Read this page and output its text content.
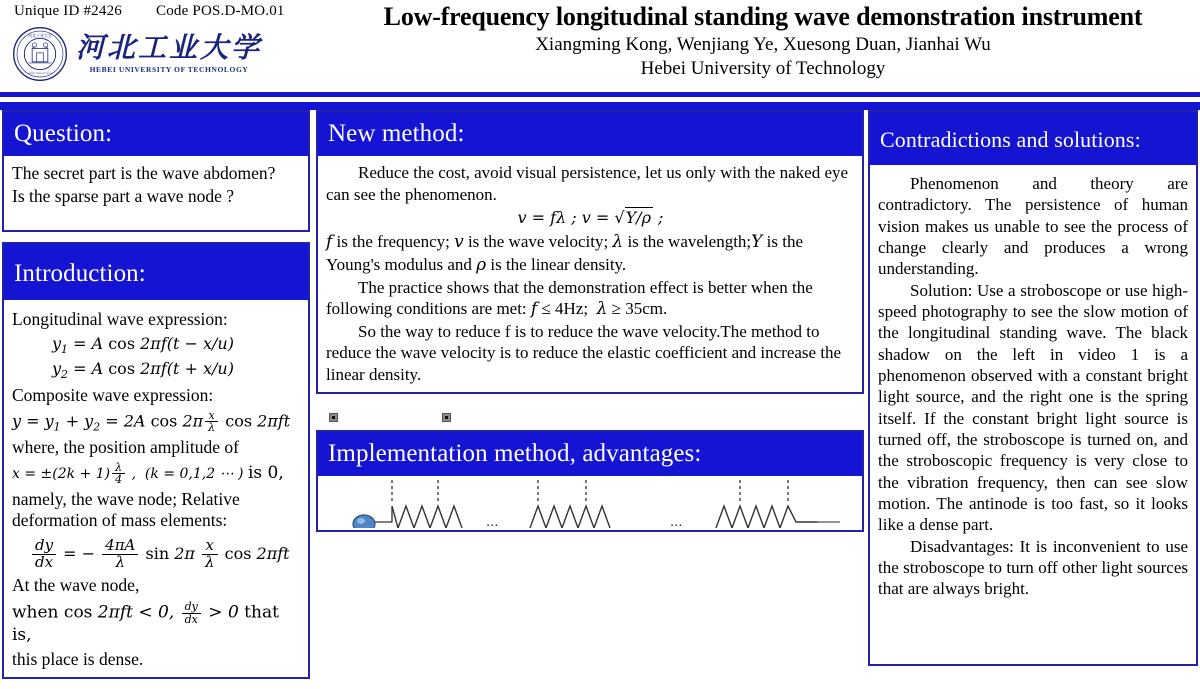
Unique ID #2426 Code POS.D-MO.01
河北工业大学
HEBEI UNIV OF TECH
河北工业大学
HEBEI UNIVERSITY OF TECHNOLOGY
Low-frequency longitudinal standing wave demonstration instrument
Xiangming Kong, Wenjiang Ye, Xuesong Duan, Jianhai Wu
Hebei University of Technology
Question:

The secret part is the wave abdomen?

Is the sparse part a wave node ?

Introduction:

Longitudinal wave expression:

$y_1 = A$ cos 2πf(t − x/u)
$y_2 = A$ cos 2πf(t + x/u)

Composite wave expression:

$y = y_1 + y_2 = 2A$ $\cos 2\pi \frac{x}{\lambda}$ cos 2πft

where, the position amplitude of

$x = \pm(2k + 1) \frac{\lambda}{4}$ ,  (k = 0,1,2 ⋯ ) is 0,

namely, the wave node; Relative deformation of mass elements:

$\frac{dy}{dx}$ = − $\frac{4\pi A}{\lambda}$ $\sin 2\pi \frac{x}{\lambda}$ cos 2πft

At the wave node,

when cos 2πft < 0, $\frac{dy}{dx} > 0$ that is,

this place is dense.

New method:

Reduce the cost, avoid visual persistence, let us only with the naked eye can see the phenomenon.

v = fλ ; v = √Y/ρ ;

f is the frequency; v is the wave velocity; λ is the wavelength;Y is the Young's modulus and ρ is the linear density.

The practice shows that the demonstration effect is better when the following conditions are met: f ≤ 4Hz;  λ ≥ 35cm.

So the way to reduce f is to reduce the wave velocity.The method to reduce the wave velocity is to reduce the elastic coefficient and increase the linear density.

Implementation method, advantages:
...	...
Contradictions and solutions:

Phenomenon and theory are contradictory. The persistence of human vision makes us unable to see the process of change clearly and produces a wrong understanding.

Solution: Use a stroboscope or use high-speed photography to see the slow motion of the longitudinal standing wave. The black shadow on the left in video 1 is a phenomenon observed with a constant bright light source, and the right one is the spring itself. If the constant bright light source is turned off, the stroboscope is turned on, and the stroboscopic frequency is very close to the vibration frequency, then can see slow motion. The antinode is too fast, so it looks like a dense part.

Disadvantages: It is inconvenient to use the stroboscope to turn off other light sources that are always bright.
